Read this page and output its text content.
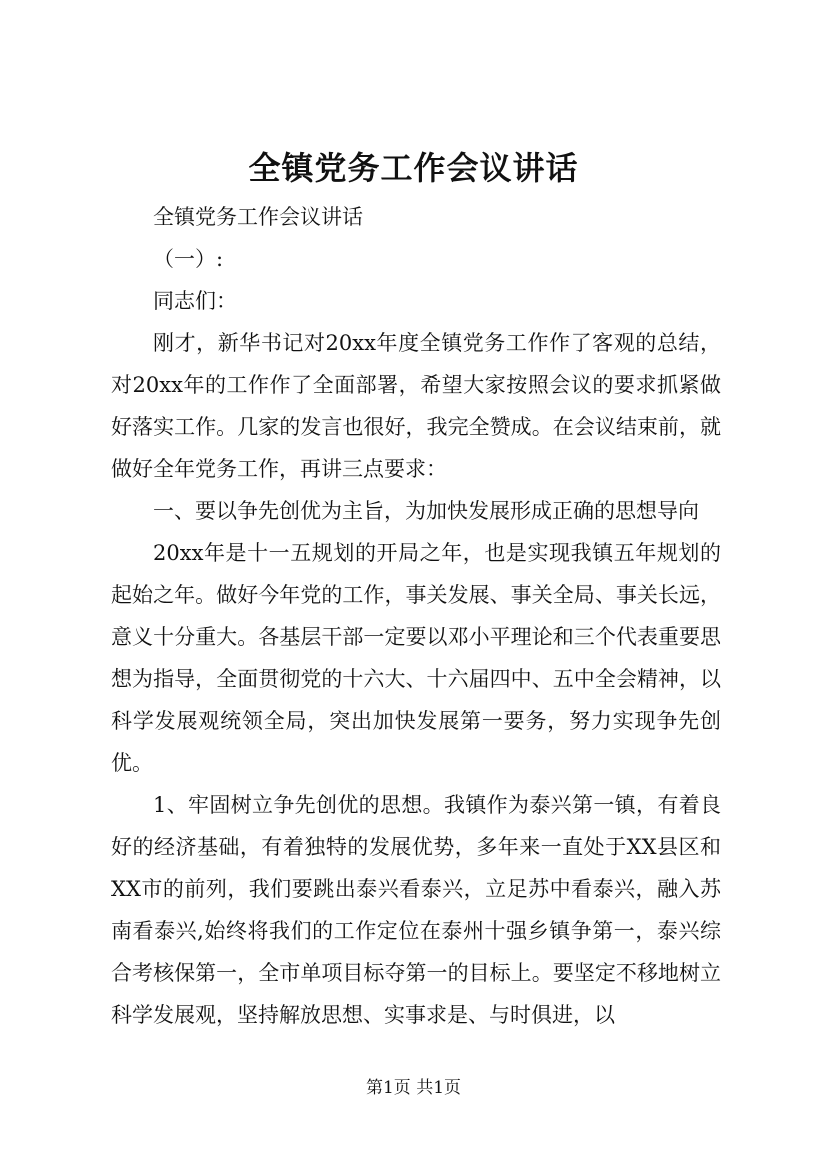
全镇党务工作会议讲话

全镇党务工作会议讲话

（一）:

同志们：

刚才，新华书记对20xx年度全镇党务工作作了客观的总结，对20xx年的工作作了全面部署，希望大家按照会议的要求抓紧做好落实工作。几家的发言也很好，我完全赞成。在会议结束前，就做好全年党务工作，再讲三点要求：

一、要以争先创优为主旨，为加快发展形成正确的思想导向

20xx年是十一五规划的开局之年，也是实现我镇五年规划的起始之年。做好今年党的工作，事关发展、事关全局、事关长远，意义十分重大。各基层干部一定要以邓小平理论和三个代表重要思想为指导，全面贯彻党的十六大、十六届四中、五中全会精神，以科学发展观统领全局，突出加快发展第一要务，努力实现争先创优。

1、牢固树立争先创优的思想。我镇作为泰兴第一镇，有着良好的经济基础，有着独特的发展优势，多年来一直处于XX县区和XX市的前列，我们要跳出泰兴看泰兴，立足苏中看泰兴，融入苏南看泰兴,始终将我们的工作定位在泰州十强乡镇争第一，泰兴综合考核保第一，全市单项目标夺第一的目标上。要坚定不移地树立科学发展观，坚持解放思想、实事求是、与时俱进，以

第1页 共1页
